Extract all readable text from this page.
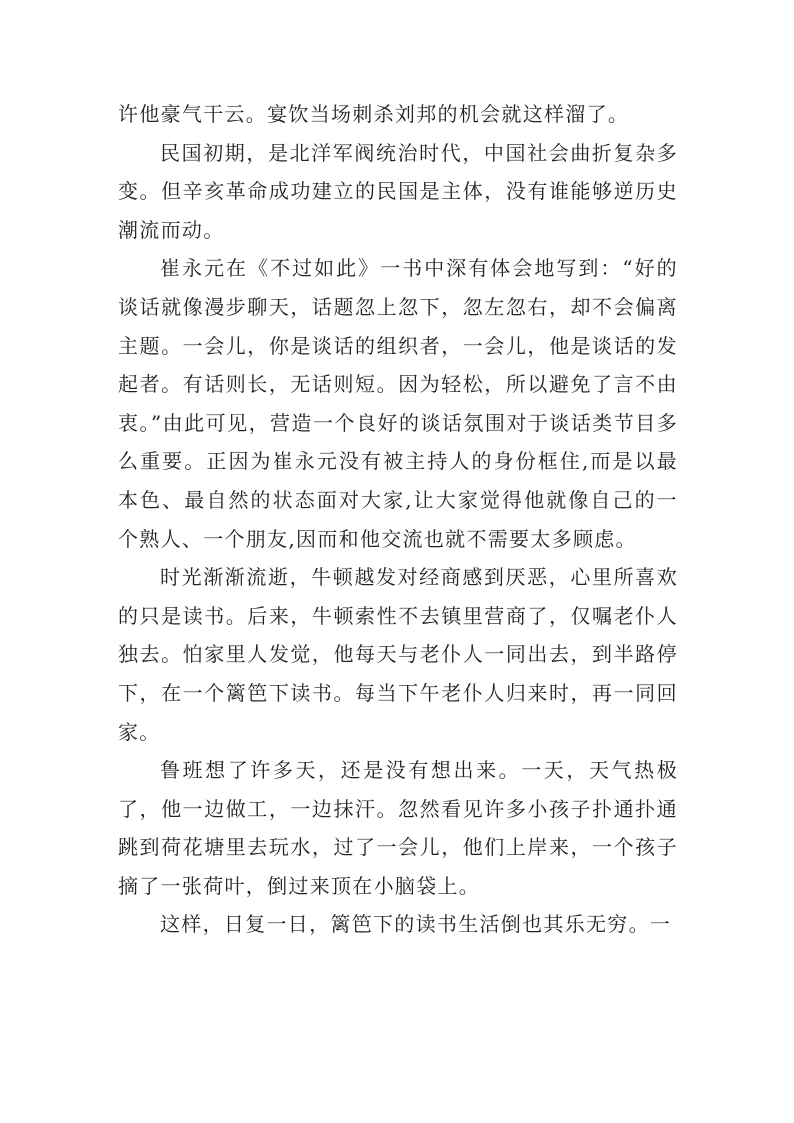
许他豪气干云。宴饮当场刺杀刘邦的机会就这样溜了。

民国初期，是北洋军阀统治时代，中国社会曲折复杂多变。但辛亥革命成功建立的民国是主体，没有谁能够逆历史潮流而动。

崔永元在《不过如此》一书中深有体会地写到：“好的谈话就像漫步聊天，话题忽上忽下，忽左忽右，却不会偏离主题。一会儿，你是谈话的组织者，一会儿，他是谈话的发起者。有话则长，无话则短。因为轻松，所以避免了言不由衷。”由此可见，营造一个良好的谈话氛围对于谈话类节目多么重要。正因为崔永元没有被主持人的身份框住,而是以最本色、最自然的状态面对大家,让大家觉得他就像自己的一个熟人、一个朋友,因而和他交流也就不需要太多顾虑。

时光渐渐流逝，牛顿越发对经商感到厌恶，心里所喜欢的只是读书。后来，牛顿索性不去镇里营商了，仅嘱老仆人独去。怕家里人发觉，他每天与老仆人一同出去，到半路停下，在一个篱笆下读书。每当下午老仆人归来时，再一同回家。

鲁班想了许多天，还是没有想出来。一天，天气热极了，他一边做工，一边抹汗。忽然看见许多小孩子扑通扑通跳到荷花塘里去玩水，过了一会儿，他们上岸来，一个孩子摘了一张荷叶，倒过来顶在小脑袋上。

这样，日复一日，篱笆下的读书生活倒也其乐无穷。一
